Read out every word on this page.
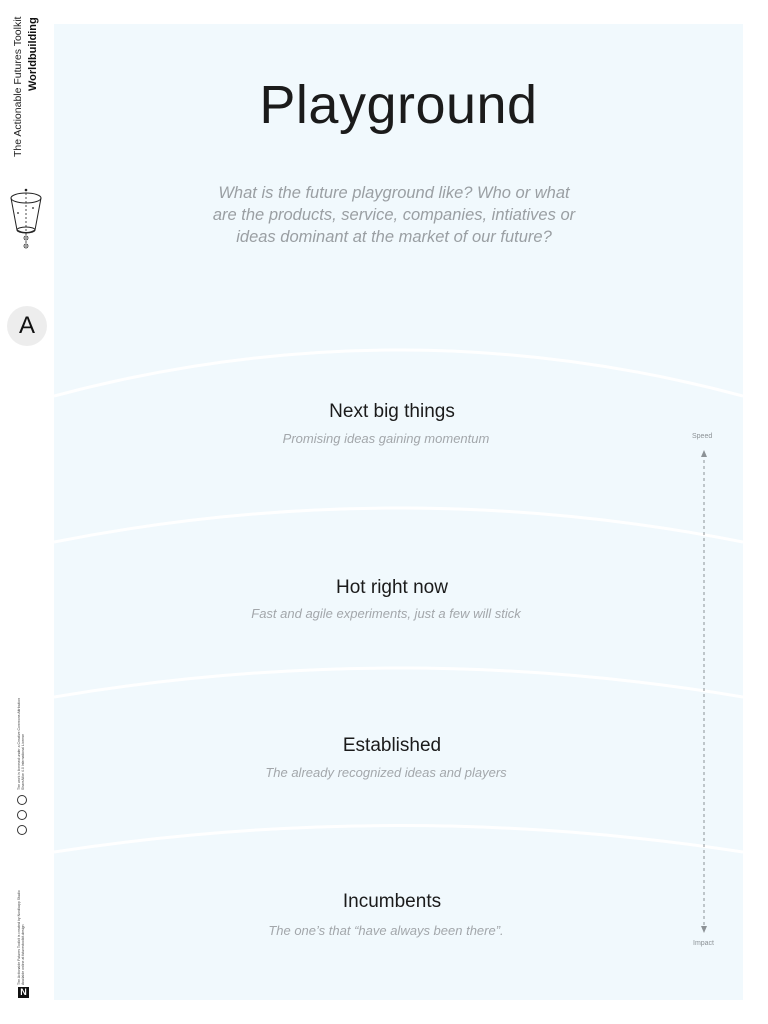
The Actionable Futures Toolkit Worldbuilding
A
The work is licensed under a Creative Commons Attribution ShareAlike 4.0 International License
The Actionable Futures Toolkit is created by Nordkapp Studio Available online at futurestoolkit.design
N
Playground
What is the future playground like? Who or what are the products, service, companies, intiatives or ideas dominant at the market of our future?
Next big things
Promising ideas gaining momentum
Hot right now
Fast and agile experiments, just a few will stick
Established
The already recognized ideas and players
Incumbents
The one’s that “have always been there”.
Speed
Impact
